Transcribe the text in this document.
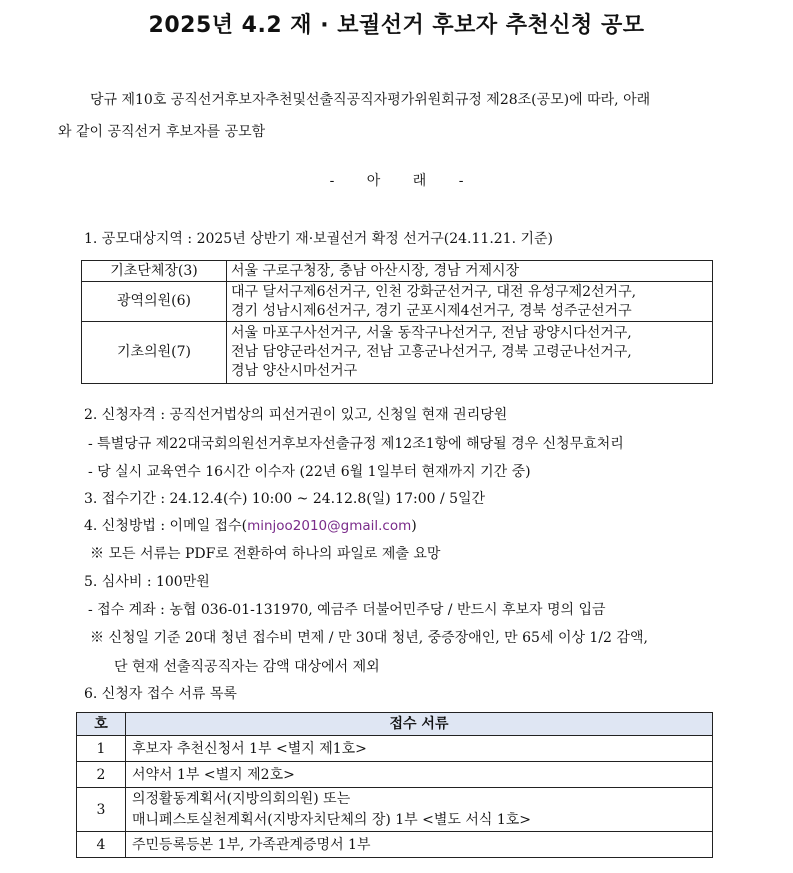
2025년 4.2 재 · 보궐선거 후보자 추천신청 공모
당규 제10호 공직선거후보자추천및선출직공직자평가위원회규정 제28조(공모)에 따라, 아래
와 같이 공직선거 후보자를 공모함
- 아 래 -
1. 공모대상지역 : 2025년 상반기 재·보궐선거 확정 선거구(24.11.21. 기준)
기초단체장(3)	서울 구로구청장, 충남 아산시장, 경남 거제시장

광역의원(6)	대구 달서구제6선거구, 인천 강화군선거구, 대전 유성구제2선거구,
경기 성남시제6선거구, 경기 군포시제4선거구, 경북 성주군선거구

기초의원(7)	서울 마포구사선거구, 서울 동작구나선거구, 전남 광양시다선거구,
전남 담양군라선거구, 전남 고흥군나선거구, 경북 고령군나선거구,
경남 양산시마선거구
2. 신청자격 : 공직선거법상의 피선거권이 있고, 신청일 현재 권리당원
- 특별당규 제22대국회의원선거후보자선출규정 제12조1항에 해당될 경우 신청무효처리
- 당 실시 교육연수 16시간 이수자 (22년 6월 1일부터 현재까지 기간 중)
3. 접수기간 : 24.12.4(수) 10:00 ~ 24.12.8(일) 17:00 / 5일간
4. 신청방법 : 이메일 접수(minjoo2010@gmail.com)
※ 모든 서류는 PDF로 전환하여 하나의 파일로 제출 요망
5. 심사비 : 100만원
- 접수 계좌 : 농협 036-01-131970, 예금주 더불어민주당 / 반드시 후보자 명의 입금
※ 신청일 기준 20대 청년 접수비 면제 / 만 30대 청년, 중증장애인, 만 65세 이상 1/2 감액,
단 현재 선출직공직자는 감액 대상에서 제외
6. 신청자 접수 서류 목록
호	접수 서류
1	후보자 추천신청서 1부 <별지 제1호>

2	서약서 1부 <별지 제2호>

3	의정활동계획서(지방의회의원) 또는
매니페스토실천계획서(지방자치단체의 장) 1부 <별도 서식 1호>

4	주민등록등본 1부, 가족관계증명서 1부
